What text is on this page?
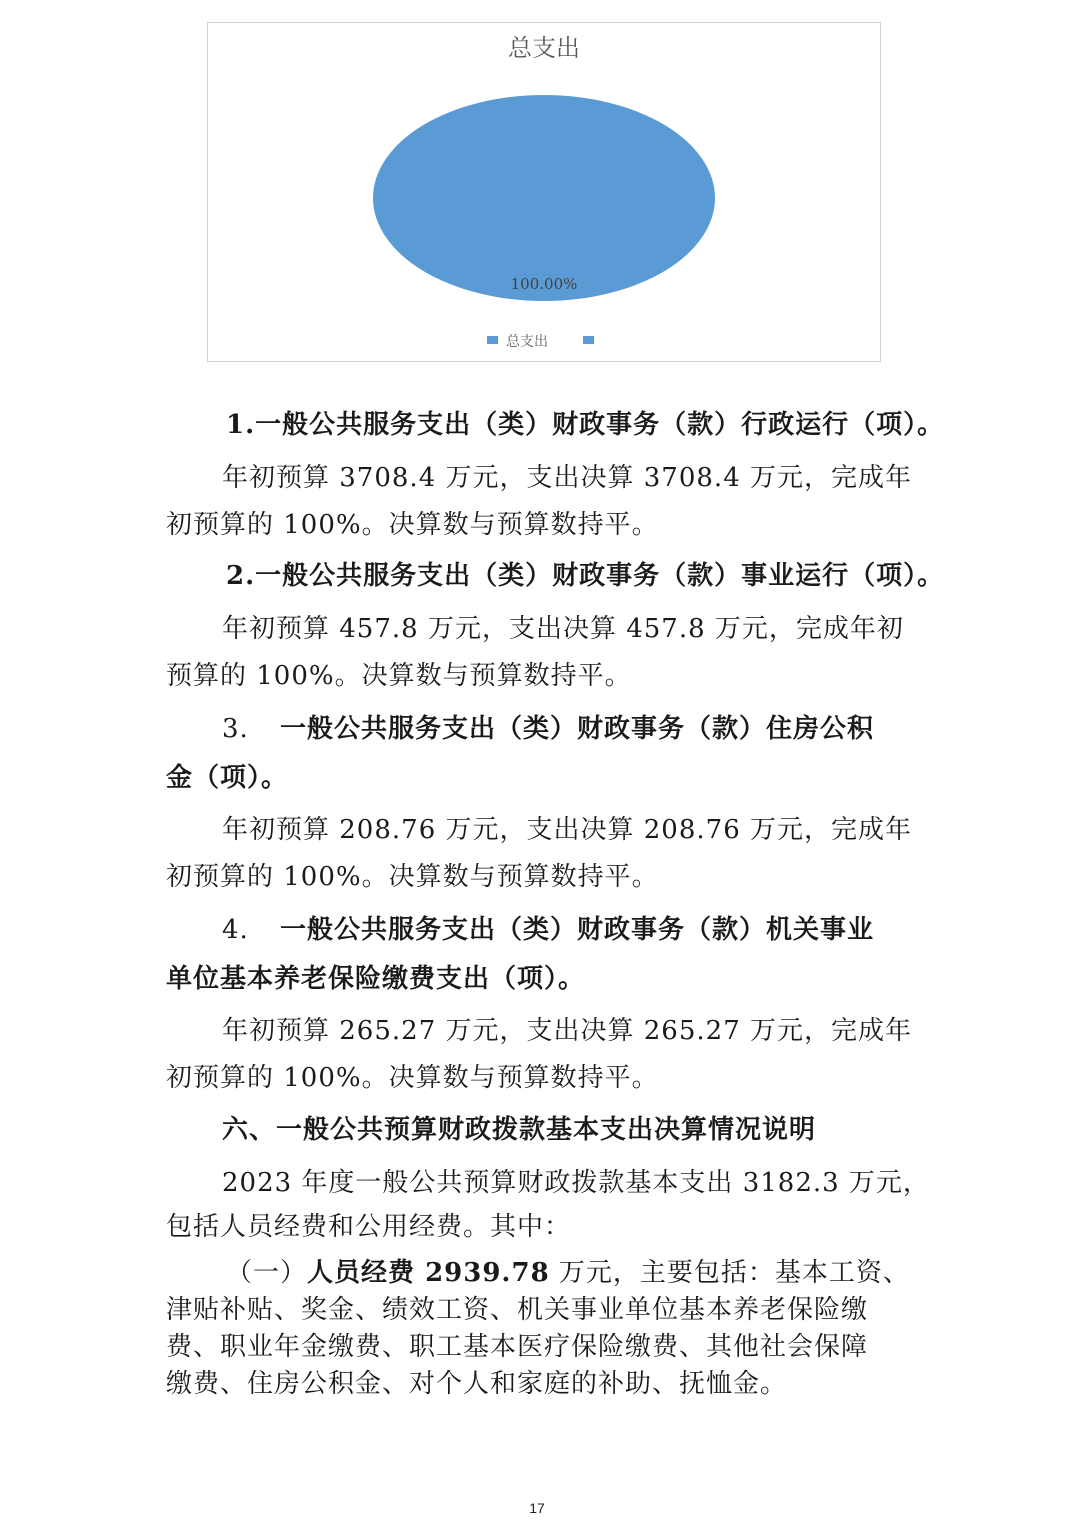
总支出
100.00%
总支出
1.一般公共服务支出（类）财政事务（款）行政运行（项）。
年初预算 3708.4 万元，支出决算 3708.4 万元，完成年
初预算的 100%。决算数与预算数持平。
2.一般公共服务支出（类）财政事务（款）事业运行（项）。
年初预算 457.8 万元，支出决算 457.8 万元，完成年初
预算的 100%。决算数与预算数持平。
3. 一般公共服务支出（类）财政事务（款）住房公积
金（项）。
年初预算 208.76 万元，支出决算 208.76 万元，完成年
初预算的 100%。决算数与预算数持平。
4. 一般公共服务支出（类）财政事务（款）机关事业
单位基本养老保险缴费支出（项）。
年初预算 265.27 万元，支出决算 265.27 万元，完成年
初预算的 100%。决算数与预算数持平。
六、一般公共预算财政拨款基本支出决算情况说明
2023 年度一般公共预算财政拨款基本支出 3182.3 万元，
包括人员经费和公用经费。其中：
（一）人员经费 2939.78 万元，主要包括：基本工资、
津贴补贴、奖金、绩效工资、机关事业单位基本养老保险缴
费、职业年金缴费、职工基本医疗保险缴费、其他社会保障
缴费、住房公积金、对个人和家庭的补助、抚恤金。
17
